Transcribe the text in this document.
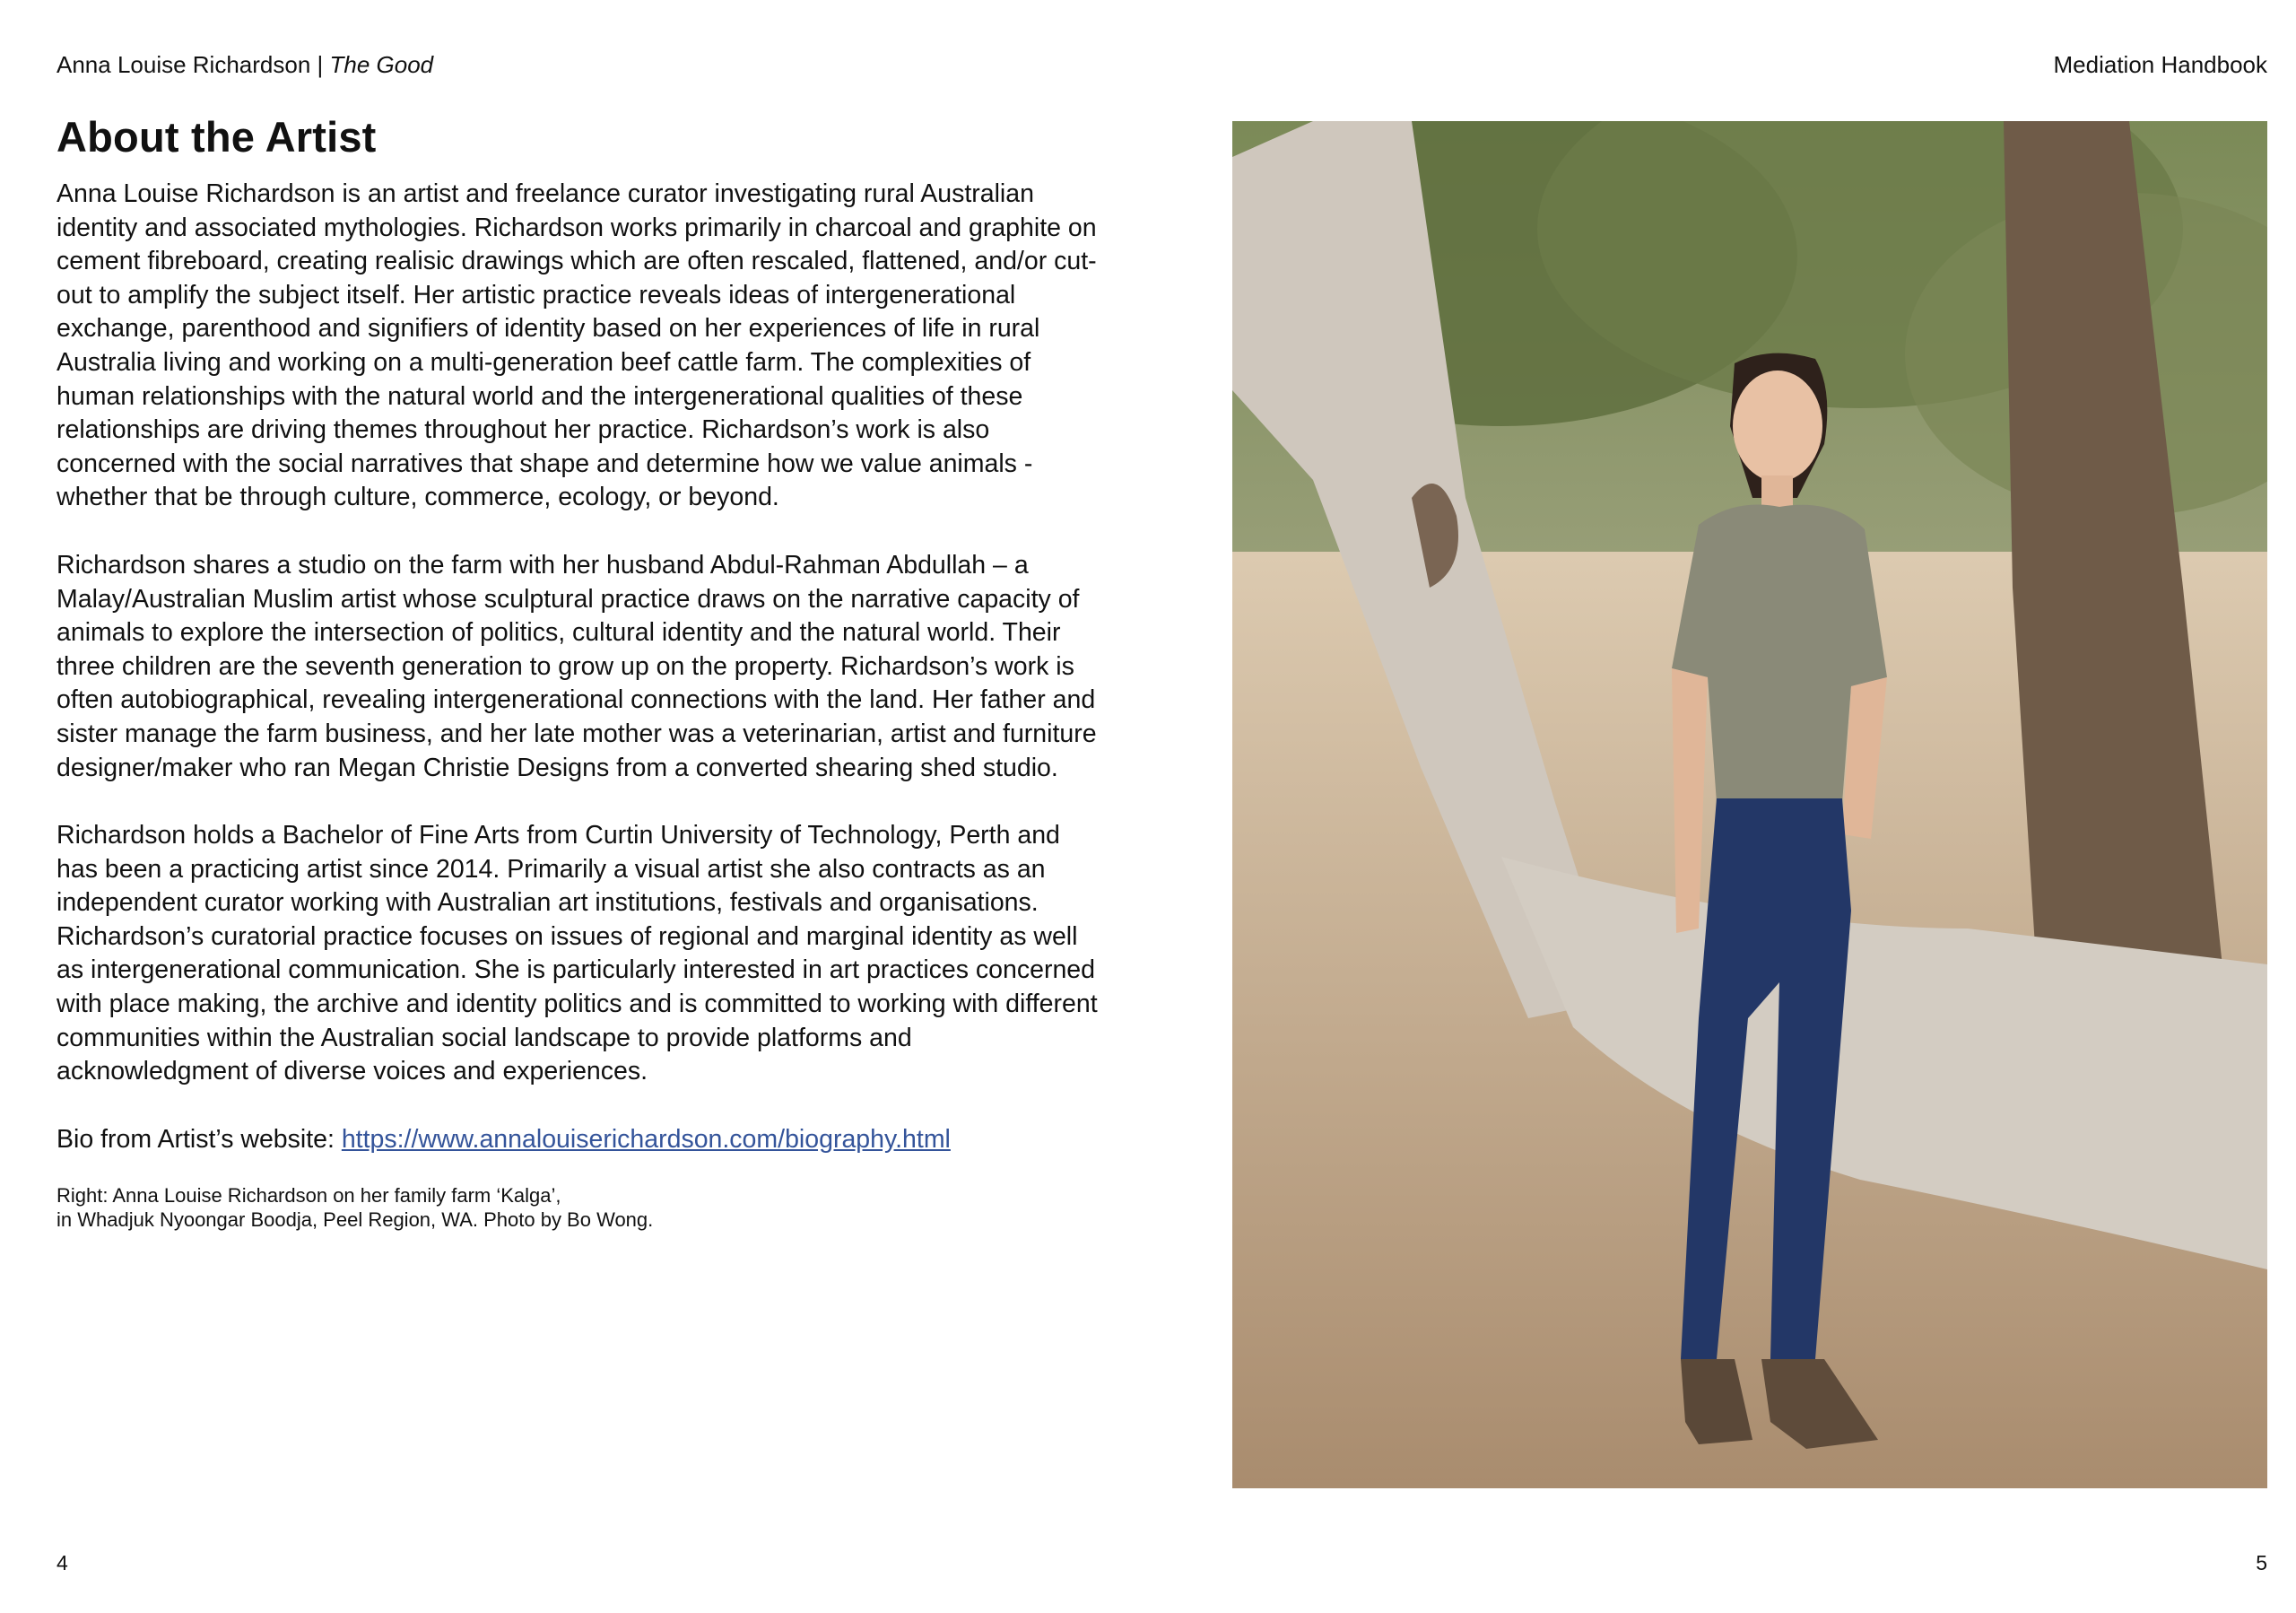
Anna Louise Richardson | The Good	Mediation Handbook
About the Artist

Anna Louise Richardson is an artist and freelance curator investigating rural Australian identity and associated mythologies. Richardson works primarily in charcoal and graphite on cement fibreboard, creating realisic drawings which are often rescaled, flattened, and/or cut-out to amplify the subject itself. Her artistic practice reveals ideas of intergenerational exchange, parenthood and signifiers of identity based on her experiences of life in rural Australia living and working on a multi-generation beef cattle farm. The complexities of human relationships with the natural world and the intergenerational qualities of these relationships are driving themes throughout her practice. Richardson’s work is also concerned with the social narratives that shape and determine how we value animals - whether that be through culture, commerce, ecology, or beyond.

Richardson shares a studio on the farm with her husband Abdul-Rahman Abdullah – a Malay/Australian Muslim artist whose sculptural practice draws on the narrative capacity of animals to explore the intersection of politics, cultural identity and the natural world. Their three children are the seventh generation to grow up on the property. Richardson’s work is often autobiographical, revealing intergenerational connections with the land. Her father and sister manage the farm business, and her late mother was a veterinarian, artist and furniture designer/maker who ran Megan Christie Designs from a converted shearing shed studio.

Richardson holds a Bachelor of Fine Arts from Curtin University of Technology, Perth and has been a practicing artist since 2014. Primarily a visual artist she also contracts as an independent curator working with Australian art institutions, festivals and organisations. Richardson’s curatorial practice focuses on issues of regional and marginal identity as well as intergenerational communication. She is particularly interested in art practices concerned with place making, the archive and identity politics and is committed to working with different communities within the Australian social landscape to provide platforms and acknowledgment of diverse voices and experiences.

Bio from Artist’s website: https://www.annalouiserichardson.com/biography.html

Right: Anna Louise Richardson on her family farm ‘Kalga’,
in Whadjuk Nyoongar Boodja, Peel Region, WA. Photo by Bo Wong.
4	5
